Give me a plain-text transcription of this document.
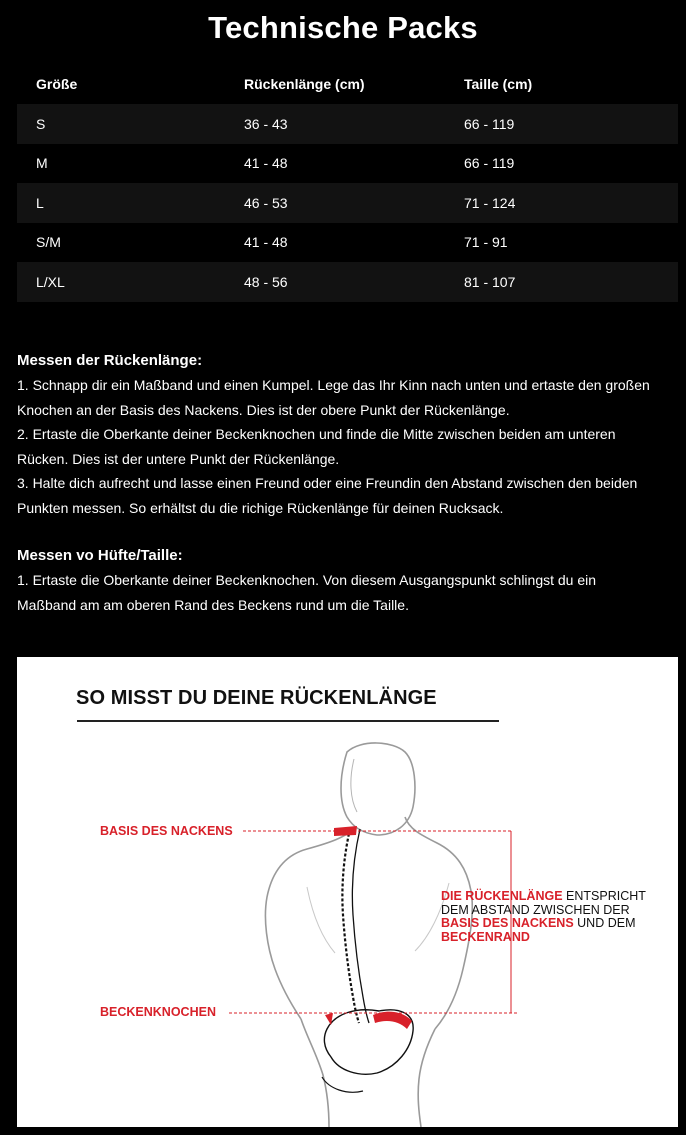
Technische Packs
Größe	Rückenlänge (cm)	Taille (cm)
S	36 - 43	66 - 119
M	41 - 48	66 - 119
L	46 - 53	71 - 124
S/M	41 - 48	71 - 91
L/XL	48 - 56	81 - 107
Messen der Rückenlänge:
1. Schnapp dir ein Maßband und einen Kumpel. Lege das Ihr Kinn nach unten und ertaste den großen
Knochen an der Basis des Nackens. Dies ist der obere Punkt der Rückenlänge.
2. Ertaste die Oberkante deiner Beckenknochen und finde die Mitte zwischen beiden am unteren
Rücken. Dies ist der untere Punkt der Rückenlänge.
3. Halte dich aufrecht und lasse einen Freund oder eine Freundin den Abstand zwischen den beiden
Punkten messen. So erhältst du die richige Rückenlänge für deinen Rucksack.
Messen vo Hüfte/Taille:
1. Ertaste die Oberkante deiner Beckenknochen. Von diesem Ausgangspunkt schlingst du ein
Maßband am am oberen Rand des Beckens rund um die Taille.
SO MISST DU DEINE RÜCKENLÄNGE
BASIS DES NACKENS
BECKENKNOCHEN
DIE RÜCKENLÄNGE ENTSPRICHT
DEM ABSTAND ZWISCHEN DER
BASIS DES NACKENS UND DEM
BECKENRAND
